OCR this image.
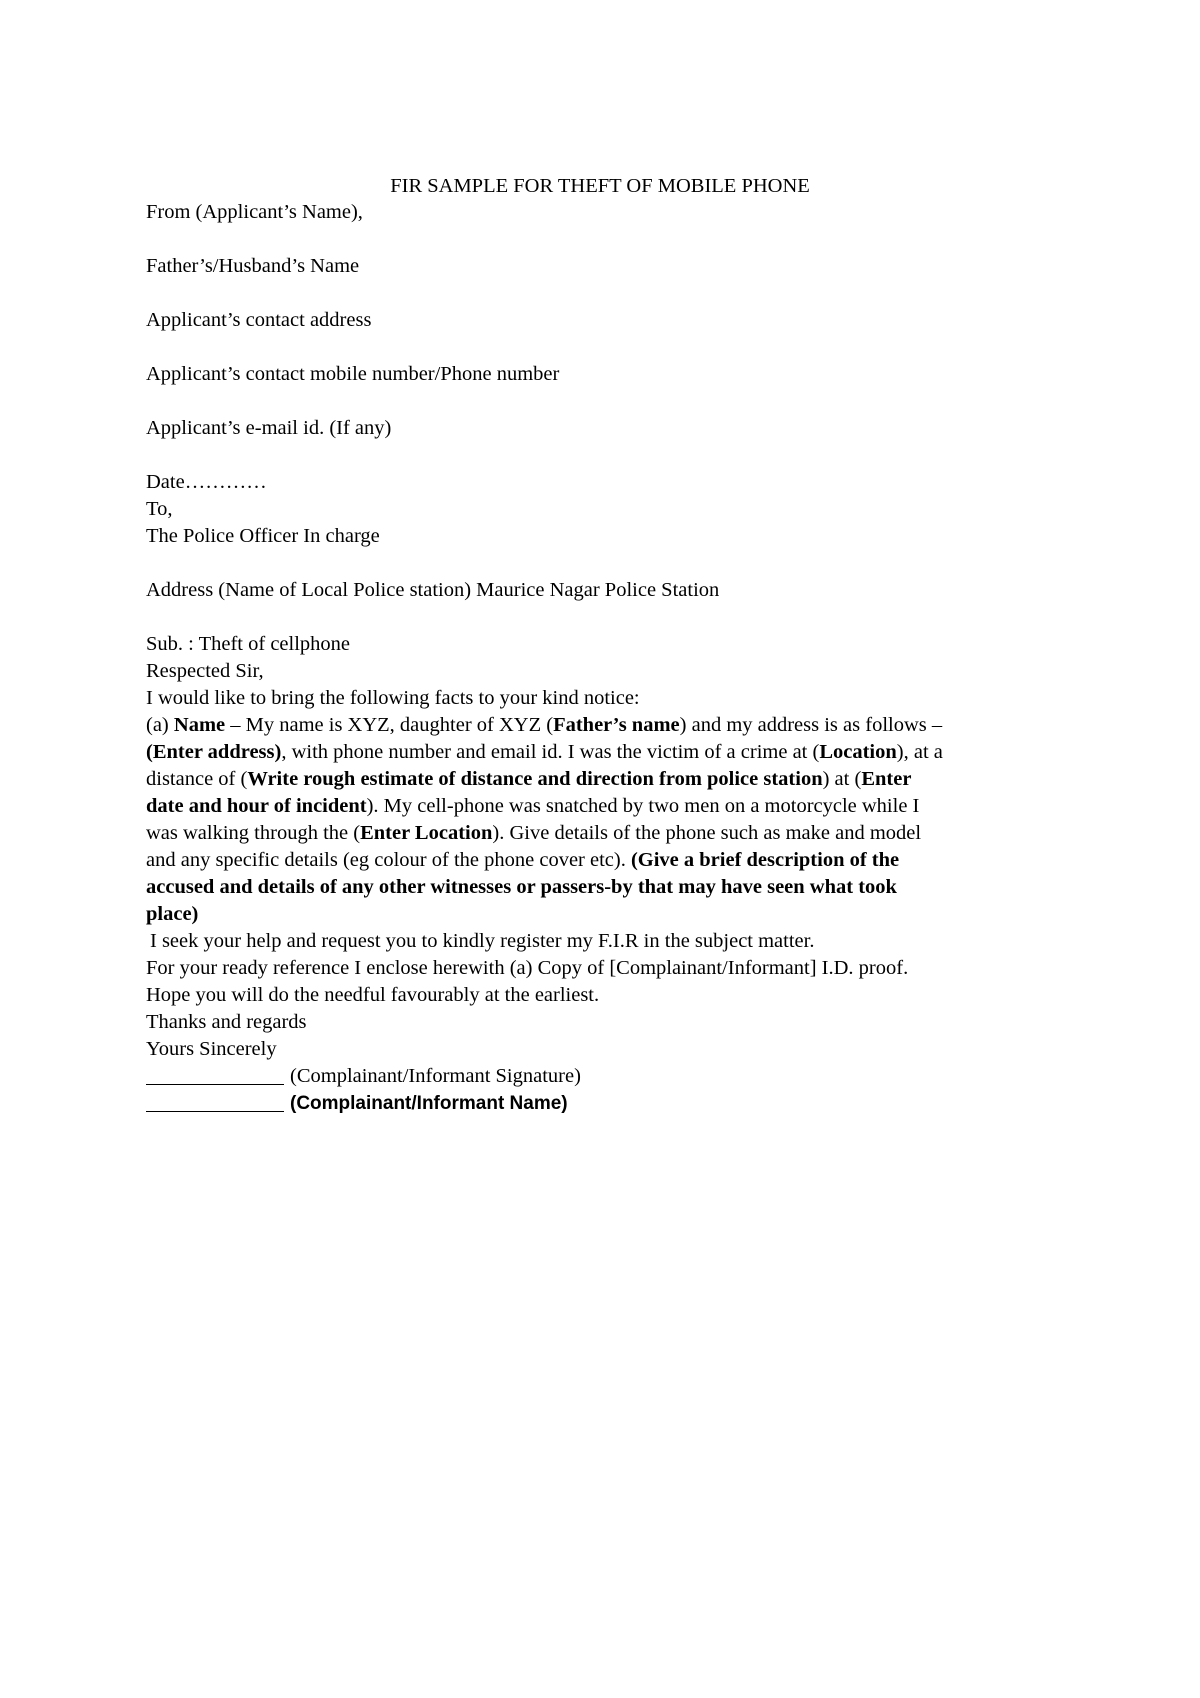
FIR SAMPLE FOR THEFT OF MOBILE PHONE
From (Applicant’s Name),
Father’s/Husband’s Name
Applicant’s contact address
Applicant’s contact mobile number/Phone number
Applicant’s e-mail id. (If any)
Date…………
To,
The Police Officer In charge
Address (Name of Local Police station) Maurice Nagar Police Station
Sub. : Theft of cellphone
Respected Sir,
I would like to bring the following facts to your kind notice:
(a) Name – My name is XYZ, daughter of XYZ (Father’s name) and my address is as follows –
(Enter address), with phone number and email id. I was the victim of a crime at (Location), at a
distance of (Write rough estimate of distance and direction from police station) at (Enter
date and hour of incident). My cell-phone was snatched by two men on a motorcycle while I
was walking through the (Enter Location). Give details of the phone such as make and model
and any specific details (eg colour of the phone cover etc). (Give a brief description of the
accused and details of any other witnesses or passers-by that may have seen what took
place)
I seek your help and request you to kindly register my F.I.R in the subject matter.
For your ready reference I enclose herewith (a) Copy of [Complainant/Informant] I.D. proof.
Hope you will do the needful favourably at the earliest.
Thanks and regards
Yours Sincerely
(Complainant/Informant Signature)
(Complainant/Informant Name)
